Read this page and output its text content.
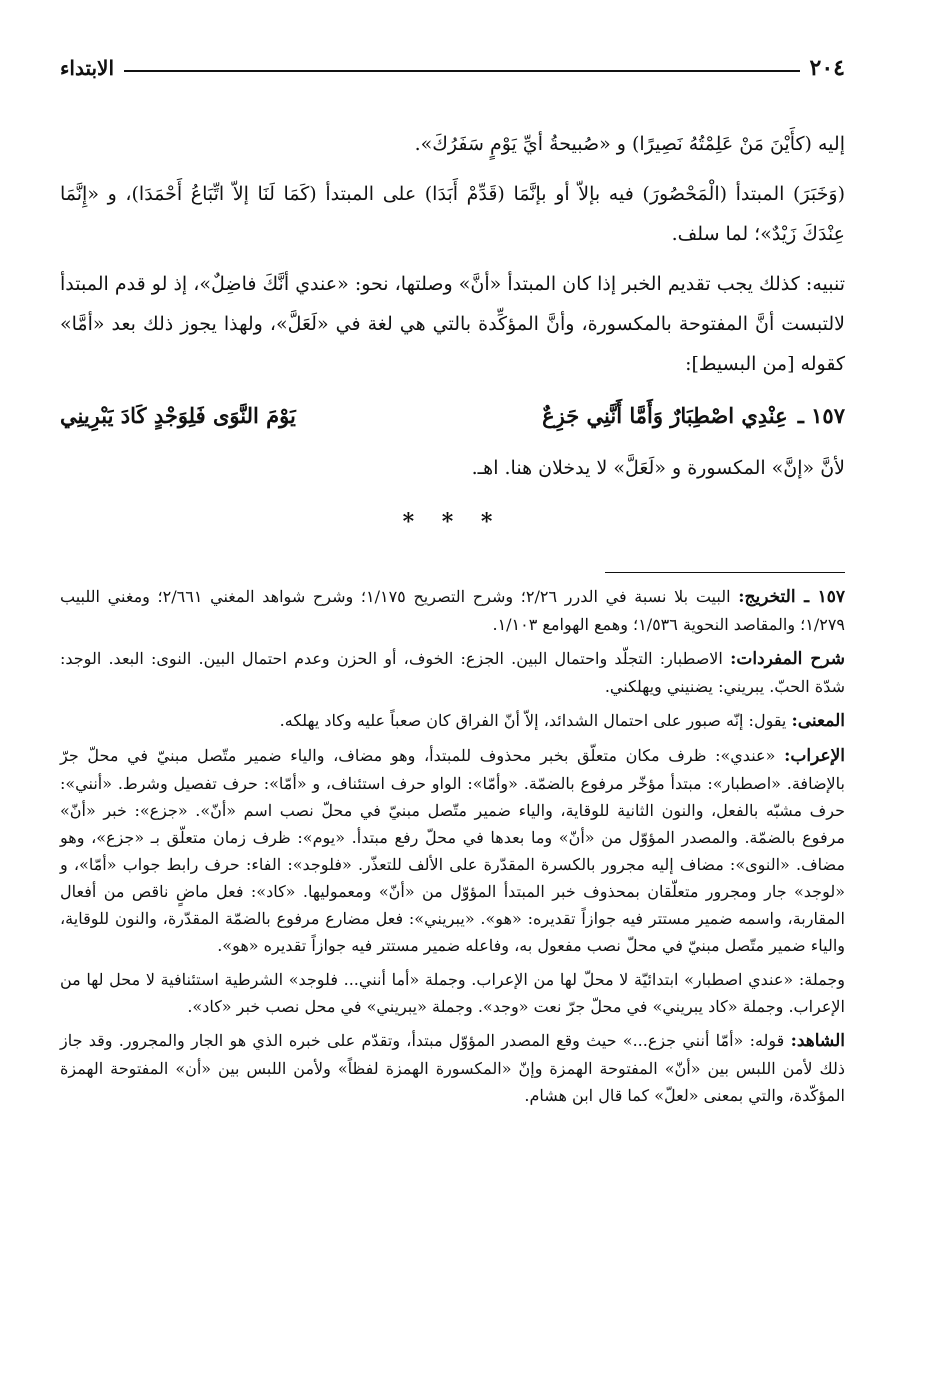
٢٠٤
الابتداء

إليه (كأَيْنَ مَنْ عَلِمْتُهُ نَصِيرًا) و «صُبيحةُ أيِّ يَوْمٍ سَفَرُكَ».

(وَخَبَرَ) المبتدأ (الْمَحْصُورَ) فيه بإلاّ أو بإنَّمَا (قَدِّمْ أَبَدَا) على المبتدأ (كَمَا لَنَا إلاّ اتِّبَاعُ أَحْمَدَا)، و «إِنَّمَا عِنْدَكَ زَيْدٌ»؛ لما سلف.

تنبيه: كذلك يجب تقديم الخبر إذا كان المبتدأ «أنَّ» وصلتها، نحو: «عندي أنَّكَ فاضِلٌ»، إذ لو قدم المبتدأ لالتبست أنَّ المفتوحة بالمكسورة، وأنَّ المؤكِّدة بالتي هي لغة في «لَعَلَّ»، ولهذا يجوز ذلك بعد «أمَّا» كقوله [من البسيط]:

١٥٧ ـ
عِنْدِي اصْطِبَارٌ وَأَمَّا أَنَّنِي جَزِعٌ
يَوْمَ النَّوَى فَلِوَجْدٍ كَادَ يَبْرِينِي

لأنَّ «إنَّ» المكسورة و «لَعَلَّ» لا يدخلان هنا. اهـ.

* * *

١٥٧ ـ التخريج: البيت بلا نسبة في الدرر ٢/٢٦؛ وشرح التصريح ١/١٧٥؛ وشرح شواهد المغني ٢/٦٦١؛ ومغني اللبيب ١/٢٧٩؛ والمقاصد النحوية ١/٥٣٦؛ وهمع الهوامع ١/١٠٣.

شرح المفردات: الاصطبار: التجلّد واحتمال البين. الجزع: الخوف، أو الحزن وعدم احتمال البين. النوى: البعد. الوجد: شدّة الحبّ. يبريني: يضنيني ويهلكني.

المعنى: يقول: إنّه صبور على احتمال الشدائد، إلاّ أنّ الفراق كان صعباً عليه وكاد يهلكه.

الإعراب: «عندي»: ظرف مكان متعلّق بخبر محذوف للمبتدأ، وهو مضاف، والياء ضمير متّصل مبنيّ في محلّ جرّ بالإضافة. «اصطبار»: مبتدأ مؤخّر مرفوع بالضمّة. «وأمّا»: الواو حرف استئناف، و «أمّا»: حرف تفصيل وشرط. «أنني»: حرف مشبّه بالفعل، والنون الثانية للوقاية، والياء ضمير متّصل مبنيّ في محلّ نصب اسم «أنّ». «جزع»: خبر «أنّ» مرفوع بالضمّة. والمصدر المؤوّل من «أنّ» وما بعدها في محلّ رفع مبتدأ. «يوم»: ظرف زمان متعلّق بـ «جزع»، وهو مضاف. «النوى»: مضاف إليه مجرور بالكسرة المقدّرة على الألف للتعذّر. «فلوجد»: الفاء: حرف رابط جواب «أمّا»، و «لوجد» جار ومجرور متعلّقان بمحذوف خبر المبتدأ المؤوّل من «أنّ» ومعموليها. «كاد»: فعل ماضٍ ناقص من أفعال المقاربة، واسمه ضمير مستتر فيه جوازاً تقديره: «هو». «يبريني»: فعل مضارع مرفوع بالضمّة المقدّرة، والنون للوقاية، والياء ضمير متّصل مبنيّ في محلّ نصب مفعول به، وفاعله ضمير مستتر فيه جوازاً تقديره «هو».

وجملة: «عندي اصطبار» ابتدائيّة لا محلّ لها من الإعراب. وجملة «أما أنني... فلوجد» الشرطية استئنافية لا محل لها من الإعراب. وجملة «كاد يبريني» في محلّ جرّ نعت «وجد». وجملة «يبريني» في محل نصب خبر «كاد».

الشاهد: قوله: «أمّا أنني جزع...» حيث وقع المصدر المؤوّل مبتدأ، وتقدّم على خبره الذي هو الجار والمجرور. وقد جاز ذلك لأمن اللبس بين «أنّ» المفتوحة الهمزة وإنّ «المكسورة الهمزة لفظاً» ولأمن اللبس بين «أن» المفتوحة الهمزة المؤكّدة، والتي بمعنى «لعلّ» كما قال ابن هشام.
